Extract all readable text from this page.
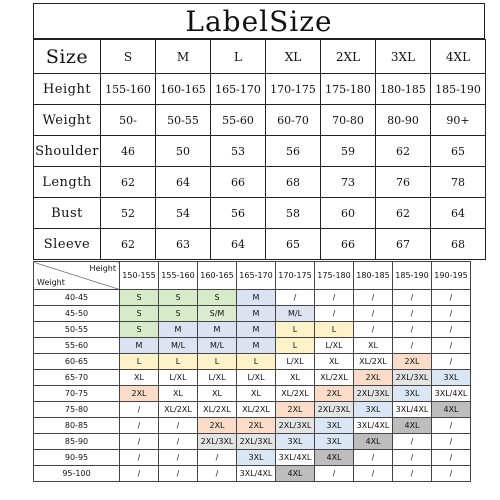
LabelSize
Size	S	M	L	XL	2XL	3XL	4XL
Height	155-160	160-165	165-170	170-175	175-180	180-185	185-190
Weight	50-	50-55	55-60	60-70	70-80	80-90	90+
Shoulder	46	50	53	56	59	62	65
Length	62	64	66	68	73	76	78
Bust	52	54	56	58	60	62	64
Sleeve	62	63	64	65	66	67	68
Height
Weight	150-155	155-160	160-165	165-170	170-175	175-180	180-185	185-190	190-195
40-45	S	S	S	M	/	/	/	/	/
45-50	S	S	S/M	M	M/L	/	/	/	/
50-55	S	M	M	M	L	L	/	/	/
55-60	M	M/L	M/L	M	L	L/XL	XL	/	/
60-65	L	L	L	L	L/XL	XL	XL/2XL	2XL	/
65-70	XL	L/XL	L/XL	L/XL	XL	XL/2XL	2XL	2XL/3XL	3XL
70-75	2XL	XL	XL	XL	XL/2XL	2XL	2XL/3XL	3XL	3XL/4XL
75-80	/	XL/2XL	XL/2XL	XL/2XL	2XL	2XL/3XL	3XL	3XL/4XL	4XL
80-85	/	/	2XL	2XL	2XL/3XL	3XL	3XL/4XL	4XL	/
85-90	/	/	2XL/3XL	2XL/3XL	3XL	3XL	4XL	/	/
90-95	/	/	/	3XL	3XL/4XL	4XL	/	/	/
95-100	/	/	/	3XL/4XL	4XL	/	/	/	/
